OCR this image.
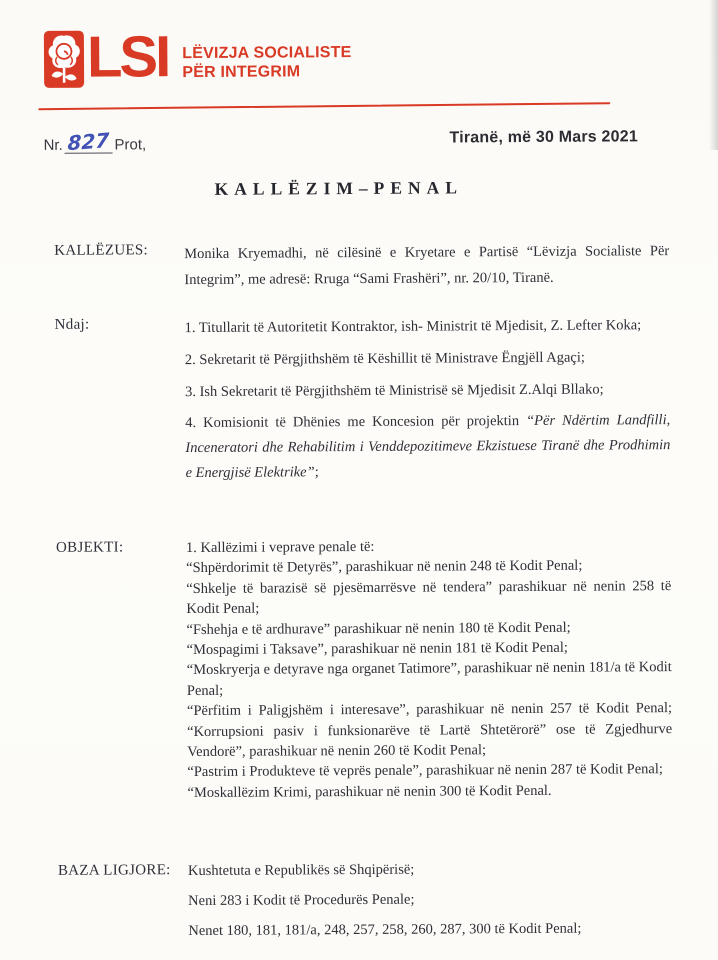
LSI LËVIZJA SOCIALISTE
PËR INTEGRIM
Nr. 827 Prot,	Tiranë, më 30 Mars 2021
KALLËZIM–PENAL
KALLËZUES:	Monika Kryemadhi, në cilësinë e Kryetare e Partisë “Lëvizja Socialiste Për Integrim”, me adresë: Rruga “Sami Frashëri”, nr. 20/10, Tiranë.
Ndaj:	1. Titullarit të Autoritetit Kontraktor, ish- Ministrit të Mjedisit, Z. Lefter Koka;
2. Sekretarit të Përgjithshëm të Këshillit të Ministrave Ëngjëll Agaçi;
3. Ish Sekretarit të Përgjithshëm të Ministrisë së Mjedisit Z.Alqi Bllako;
4. Komisionit të Dhënies me Koncesion për projektin “Për Ndërtim Landfilli, Inceneratori dhe Rehabilitim i Venddepozitimeve Ekzistuese Tiranë dhe Prodhimin e Energjisë Elektrike”;
OBJEKTI:	1. Kallëzimi i veprave penale të:
“Shpërdorimit të Detyrës”, parashikuar në nenin 248 të Kodit Penal;
“Shkelje të barazisë së pjesëmarrësve në tendera” parashikuar në nenin 258 të Kodit Penal;
“Fshehja e të ardhurave” parashikuar në nenin 180 të Kodit Penal;
“Mospagimi i Taksave”, parashikuar në nenin 181 të Kodit Penal;
“Moskryerja e detyrave nga organet Tatimore”, parashikuar në nenin 181/a të Kodit Penal;
“Përfitim i Paligjshëm i interesave”, parashikuar në nenin 257 të Kodit Penal; “Korrupsioni pasiv i funksionarëve të Lartë Shtetërorë” ose të Zgjedhurve Vendorë”, parashikuar në nenin 260 të Kodit Penal;
“Pastrim i Produkteve të veprës penale”, parashikuar në nenin 287 të Kodit Penal;
“Moskallëzim Krimi, parashikuar në nenin 300 të Kodit Penal.
BAZA LIGJORE:	Kushtetuta e Republikës së Shqipërisë;
Neni 283 i Kodit të Procedurës Penale;
Nenet 180, 181, 181/a, 248, 257, 258, 260, 287, 300 të Kodit Penal;
